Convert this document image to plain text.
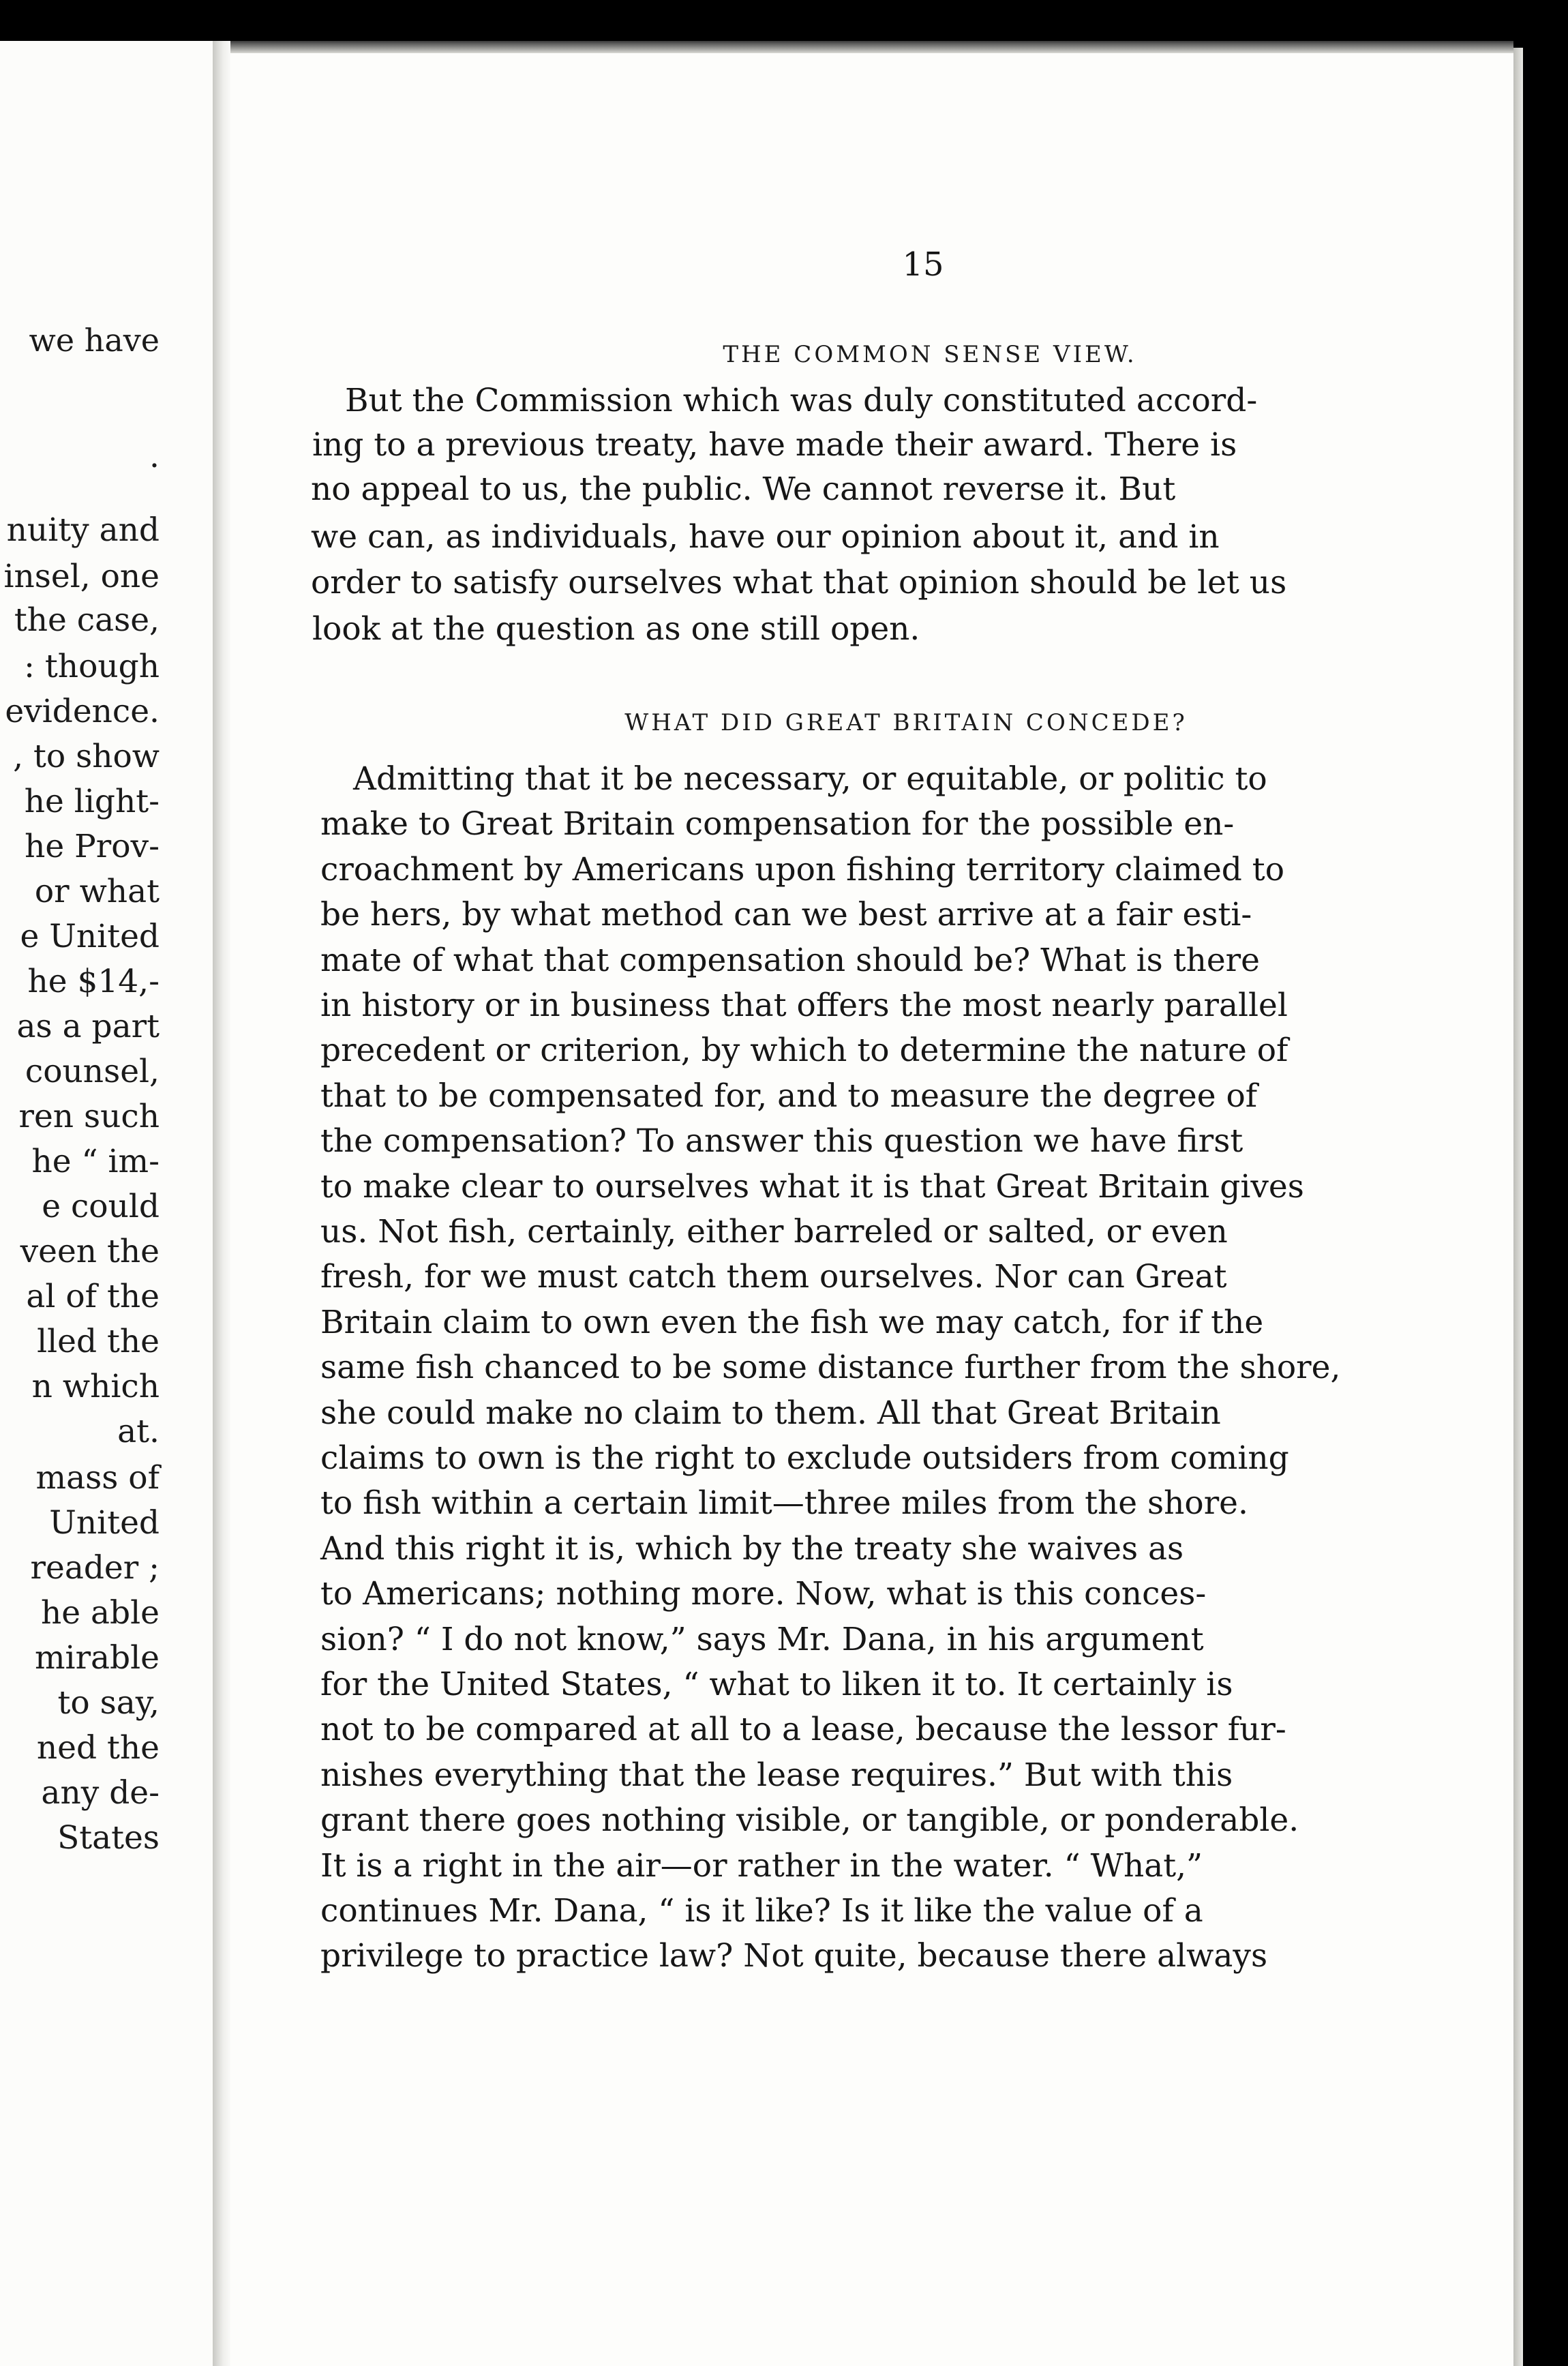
we have
.
nuity and
insel, one
the case,
: though
evidence.
, to show
he light-
he Prov-
or what
e United
he $14,-
as a part
counsel,
ren such
he “ im-
e could
veen the
al of the
lled the
n which
at.
mass of
United
reader ;
he able
mirable
to say,
ned the
any de-
States
15
THE COMMON SENSE VIEW.
But the Commission which was duly constituted accord-
ing to a previous treaty, have made their award. There is
no appeal to us, the public. We cannot reverse it. But
we can, as individuals, have our opinion about it, and in
order to satisfy ourselves what that opinion should be let us
look at the question as one still open.
WHAT DID GREAT BRITAIN CONCEDE?
Admitting that it be necessary, or equitable, or politic to
make to Great Britain compensation for the possible en-
croachment by Americans upon fishing territory claimed to
be hers, by what method can we best arrive at a fair esti-
mate of what that compensation should be? What is there
in history or in business that offers the most nearly parallel
precedent or criterion, by which to determine the nature of
that to be compensated for, and to measure the degree of
the compensation? To answer this question we have first
to make clear to ourselves what it is that Great Britain gives
us. Not fish, certainly, either barreled or salted, or even
fresh, for we must catch them ourselves. Nor can Great
Britain claim to own even the fish we may catch, for if the
same fish chanced to be some distance further from the shore,
she could make no claim to them. All that Great Britain
claims to own is the right to exclude outsiders from coming
to fish within a certain limit—three miles from the shore.
And this right it is, which by the treaty she waives as
to Americans; nothing more. Now, what is this conces-
sion? “ I do not know,” says Mr. Dana, in his argument
for the United States, “ what to liken it to. It certainly is
not to be compared at all to a lease, because the lessor fur-
nishes everything that the lease requires.” But with this
grant there goes nothing visible, or tangible, or ponderable.
It is a right in the air—or rather in the water. “ What,”
continues Mr. Dana, “ is it like? Is it like the value of a
privilege to practice law? Not quite, because there always
